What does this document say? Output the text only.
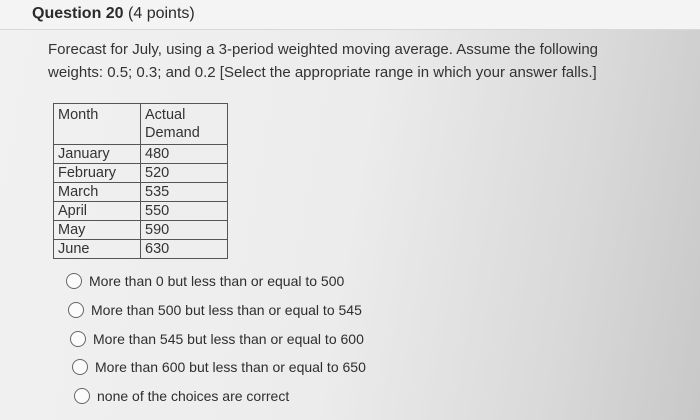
Question 20 (4 points)
Forecast for July, using a 3-period weighted moving average. Assume the following
weights: 0.5; 0.3; and 0.2 [Select the appropriate range in which your answer falls.]
Month	Actual
Demand

January	480
February	520
March	535
April	550
May	590
June	630
More than 0 but less than or equal to 500
More than 500 but less than or equal to 545
More than 545 but less than or equal to 600
More than 600 but less than or equal to 650
none of the choices are correct
